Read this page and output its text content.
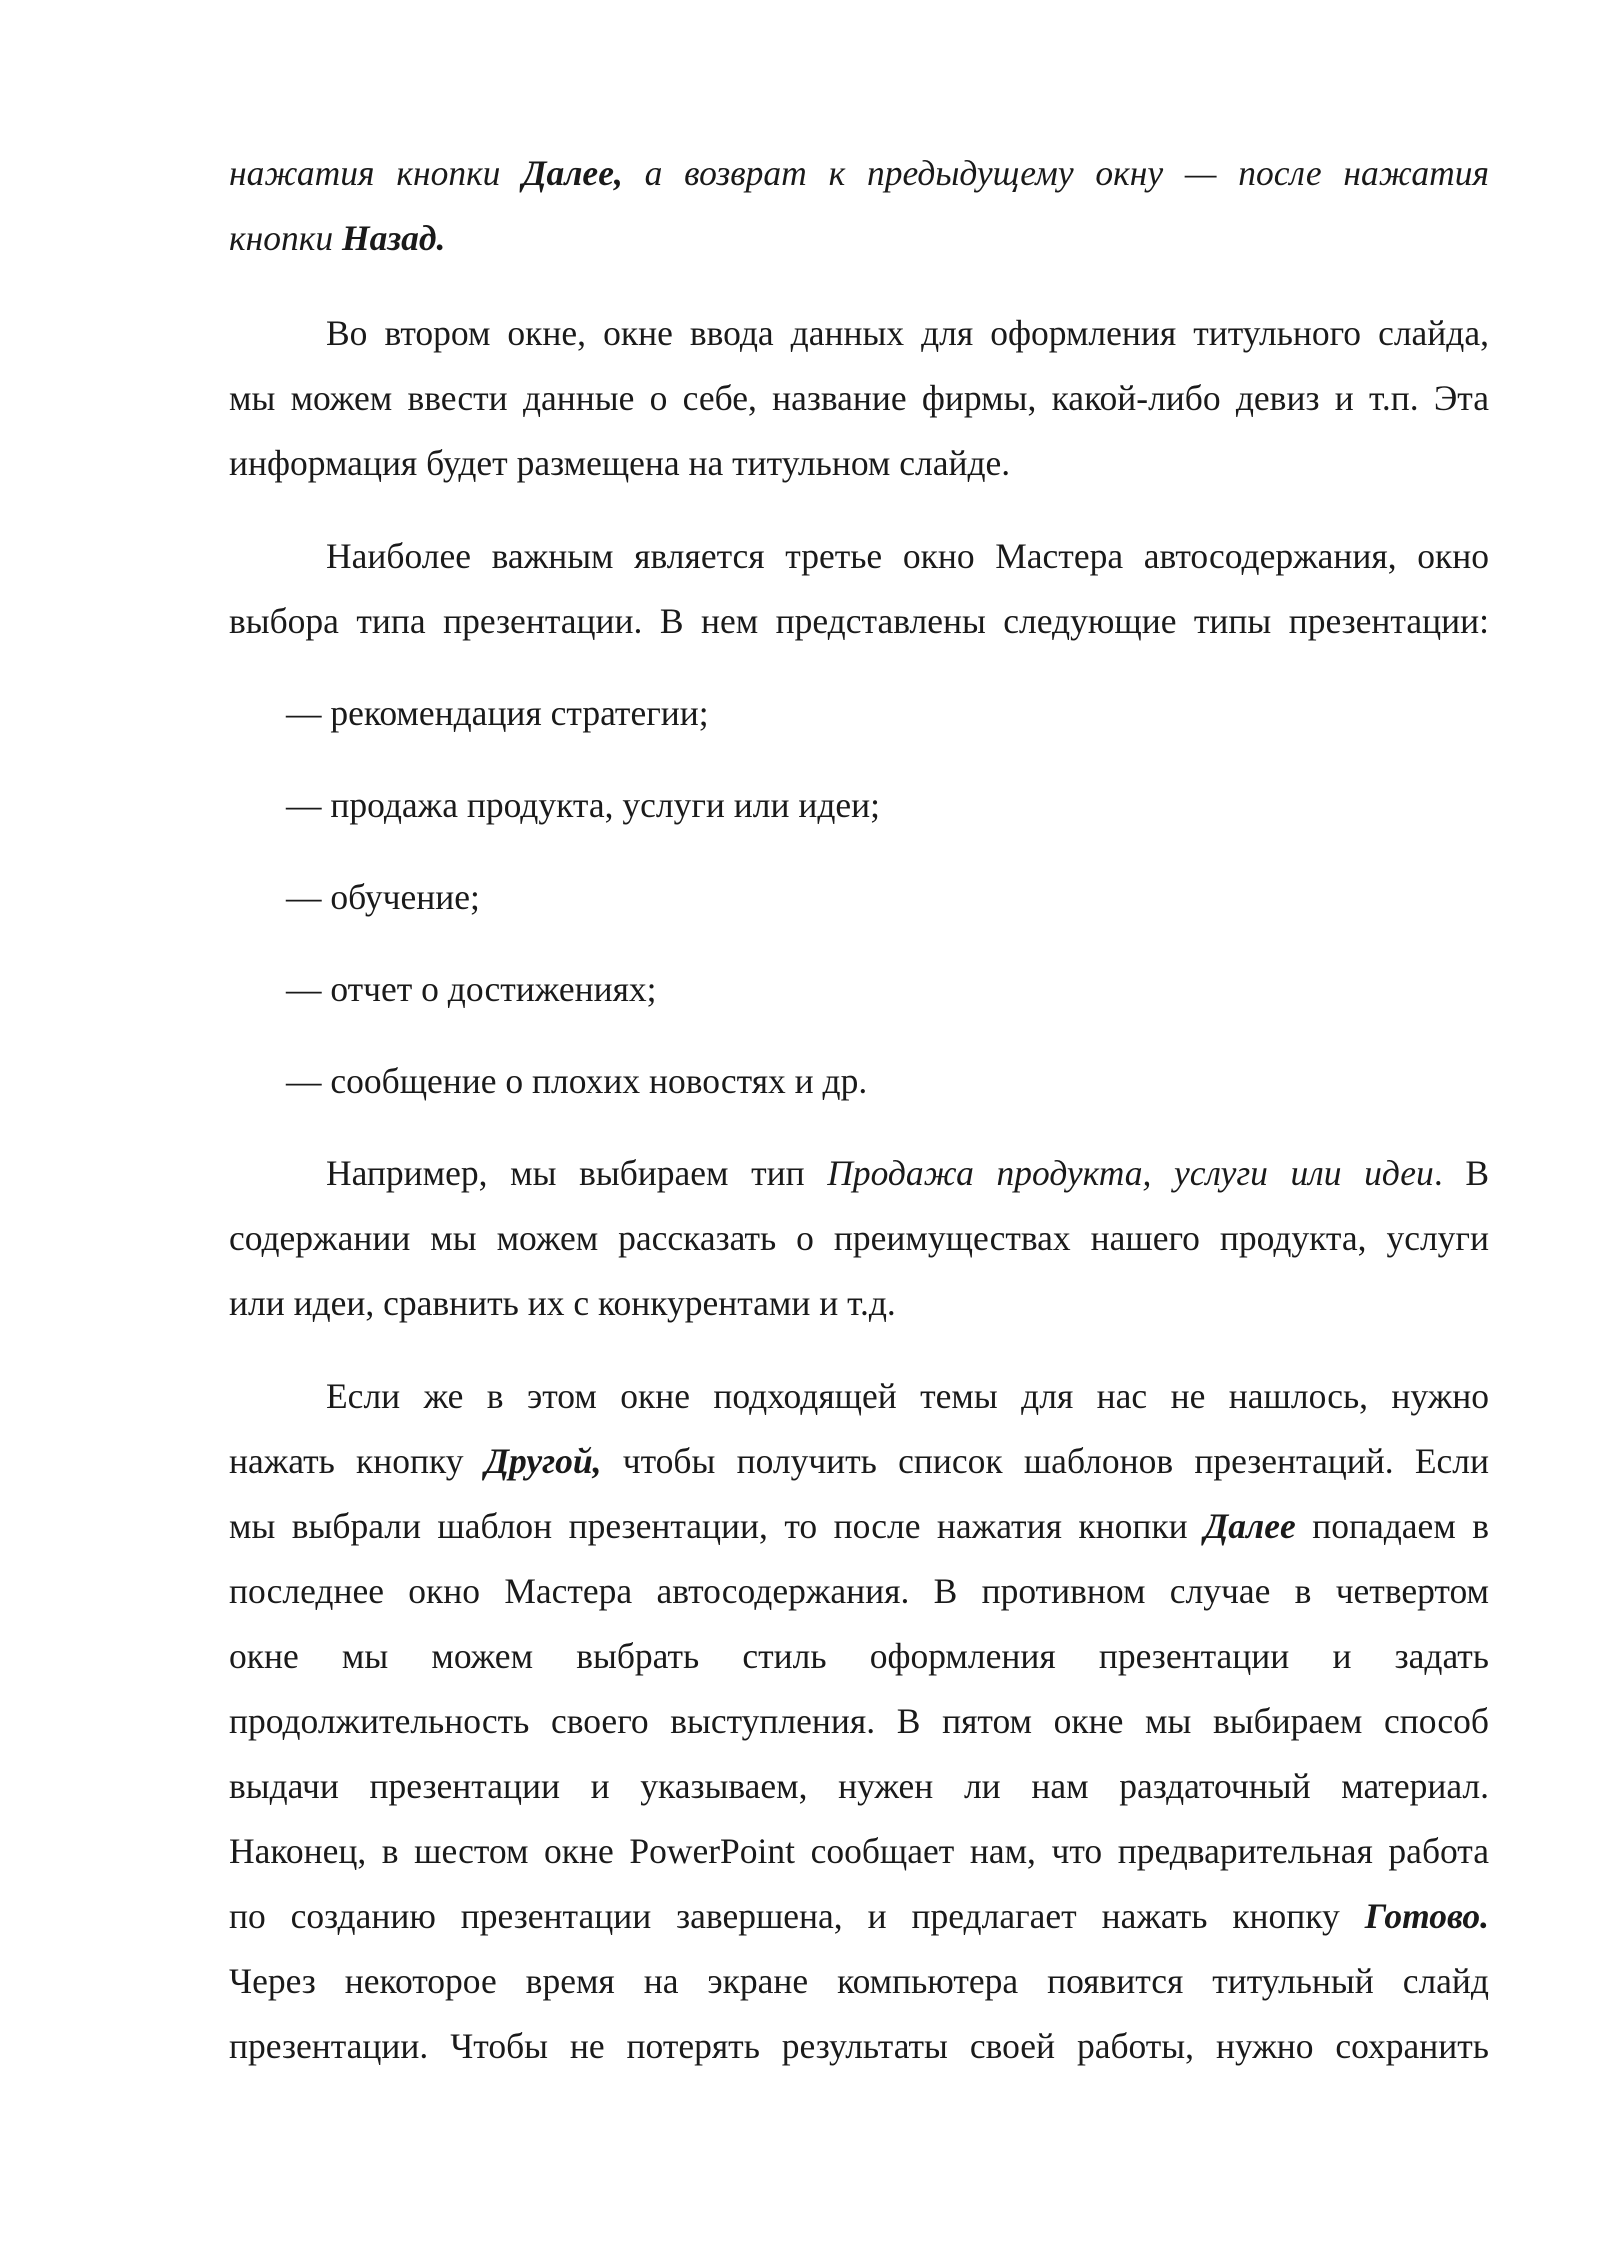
нажатия кнопки Далее, а возврат к предыдущему окну — после нажатия
кнопки Назад.
Во втором окне, окне ввода данных для оформления титульного слайда,
мы можем ввести данные о себе, название фирмы, какой-либо девиз и т.п. Эта
информация будет размещена на титульном слайде.
Наиболее важным является третье окно Мастера автосодержания, окно
выбора типа презентации. В нем представлены следующие типы презентации:
— рекомендация стратегии;
— продажа продукта, услуги или идеи;
— обучение;
— отчет о достижениях;
— сообщение о плохих новостях и др.
Например, мы выбираем тип Продажа продукта, услуги или идеи. В
содержании мы можем рассказать о преимуществах нашего продукта, услуги
или идеи, сравнить их с конкурентами и т.д.
Если же в этом окне подходящей темы для нас не нашлось, нужно
нажать кнопку Другой, чтобы получить список шаблонов презентаций. Если
мы выбрали шаблон презентации, то после нажатия кнопки Далее попадаем в
последнее окно Мастера автосодержания. В противном случае в четвертом
окне мы можем выбрать стиль оформления презентации и задать
продолжительность своего выступления. В пятом окне мы выбираем способ
выдачи презентации и указываем, нужен ли нам раздаточный материал.
Наконец, в шестом окне PowerPoint сообщает нам, что предварительная работа
по созданию презентации завершена, и предлагает нажать кнопку Готово.
Через некоторое время на экране компьютера появится титульный слайд
презентации. Чтобы не потерять результаты своей работы, нужно сохранить
